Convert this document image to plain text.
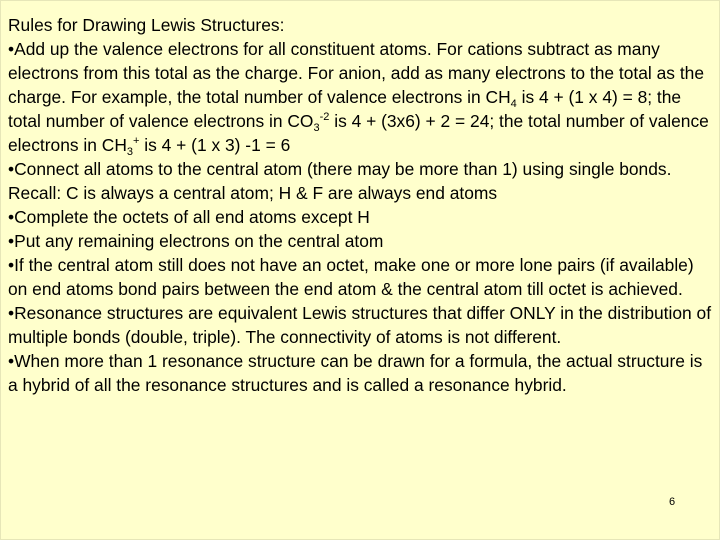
Rules for Drawing Lewis Structures:

•Add up the valence electrons for all constituent atoms. For cations subtract as many electrons from this total as the charge. For anion, add as many electrons to the total as the charge. For example, the total number of valence electrons in $CH_4$ is 4 + (1 x 4) = 8; the total number of valence electrons in $CO_3^{-2}$ is 4 + (3x6) + 2 = 24; the total number of valence electrons in $CH_3^+$ is 4 + (1 x 3) -1 = 6

•Connect all atoms to the central atom (there may be more than 1) using single bonds. Recall: C is always a central atom; H & F are always end atoms

•Complete the octets of all end atoms except H

•Put any remaining electrons on the central atom

•If the central atom still does not have an octet, make one or more lone pairs (if available) on end atoms bond pairs between the end atom & the central atom till octet is achieved.

•Resonance structures are equivalent Lewis structures that differ ONLY in the distribution of multiple bonds (double, triple). The connectivity of atoms is not different.

•When more than 1 resonance structure can be drawn for a formula, the actual structure is a hybrid of all the resonance structures and is called a resonance hybrid.

6
